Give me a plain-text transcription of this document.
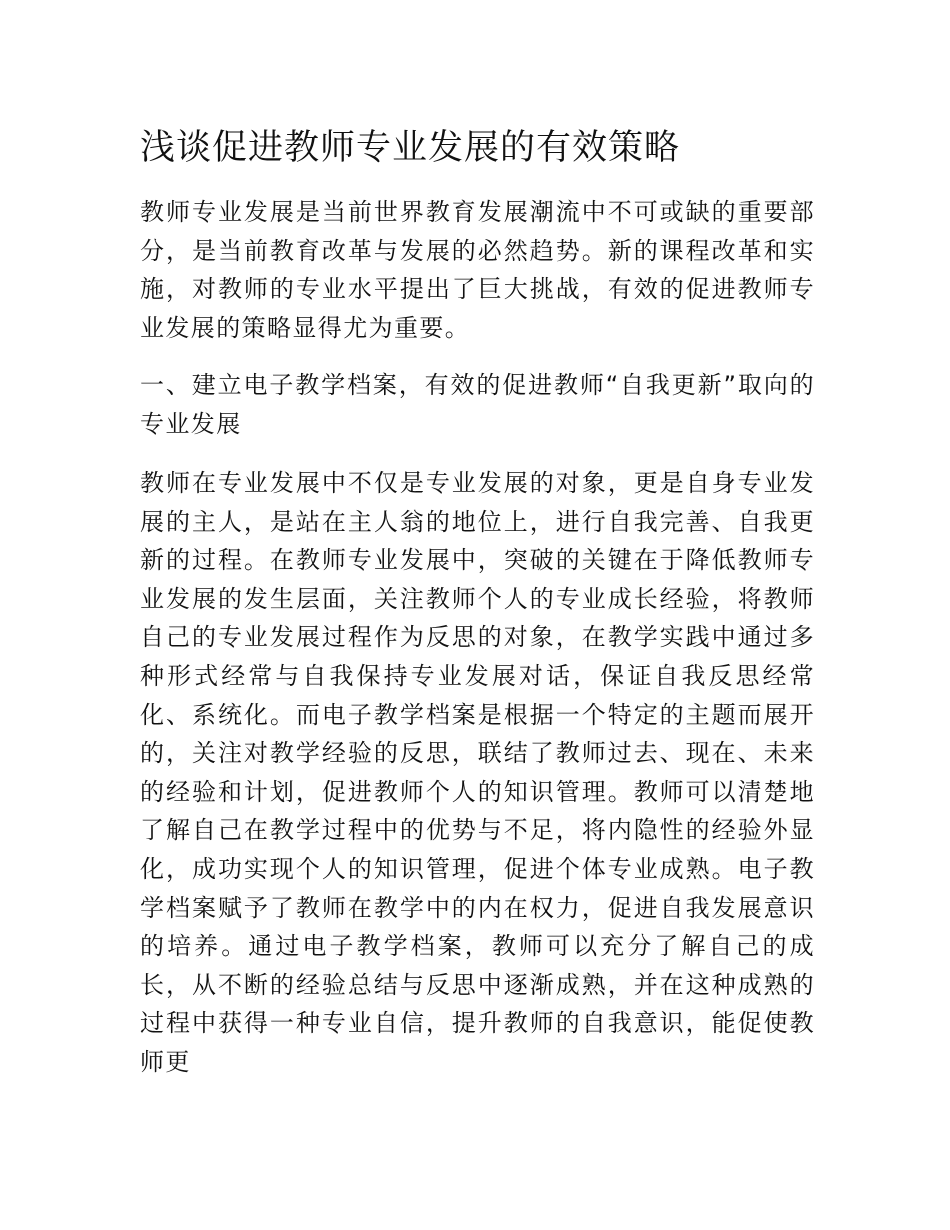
浅谈促进教师专业发展的有效策略

教师专业发展是当前世界教育发展潮流中不可或缺的重要部分，是当前教育改革与发展的必然趋势。新的课程改革和实施，对教师的专业水平提出了巨大挑战，有效的促进教师专业发展的策略显得尤为重要。

一、建立电子教学档案，有效的促进教师“自我更新”取向的专业发展

教师在专业发展中不仅是专业发展的对象，更是自身专业发展的主人，是站在主人翁的地位上，进行自我完善、自我更新的过程。在教师专业发展中，突破的关键在于降低教师专业发展的发生层面，关注教师个人的专业成长经验，将教师自己的专业发展过程作为反思的对象，在教学实践中通过多种形式经常与自我保持专业发展对话，保证自我反思经常化、系统化。而电子教学档案是根据一个特定的主题而展开的，关注对教学经验的反思，联结了教师过去、现在、未来的经验和计划，促进教师个人的知识管理。教师可以清楚地了解自己在教学过程中的优势与不足，将内隐性的经验外显化，成功实现个人的知识管理，促进个体专业成熟。电子教学档案赋予了教师在教学中的内在权力，促进自我发展意识的培养。通过电子教学档案，教师可以充分了解自己的成长，从不断的经验总结与反思中逐渐成熟，并在这种成熟的过程中获得一种专业自信，提升教师的自我意识，能促使教师更
